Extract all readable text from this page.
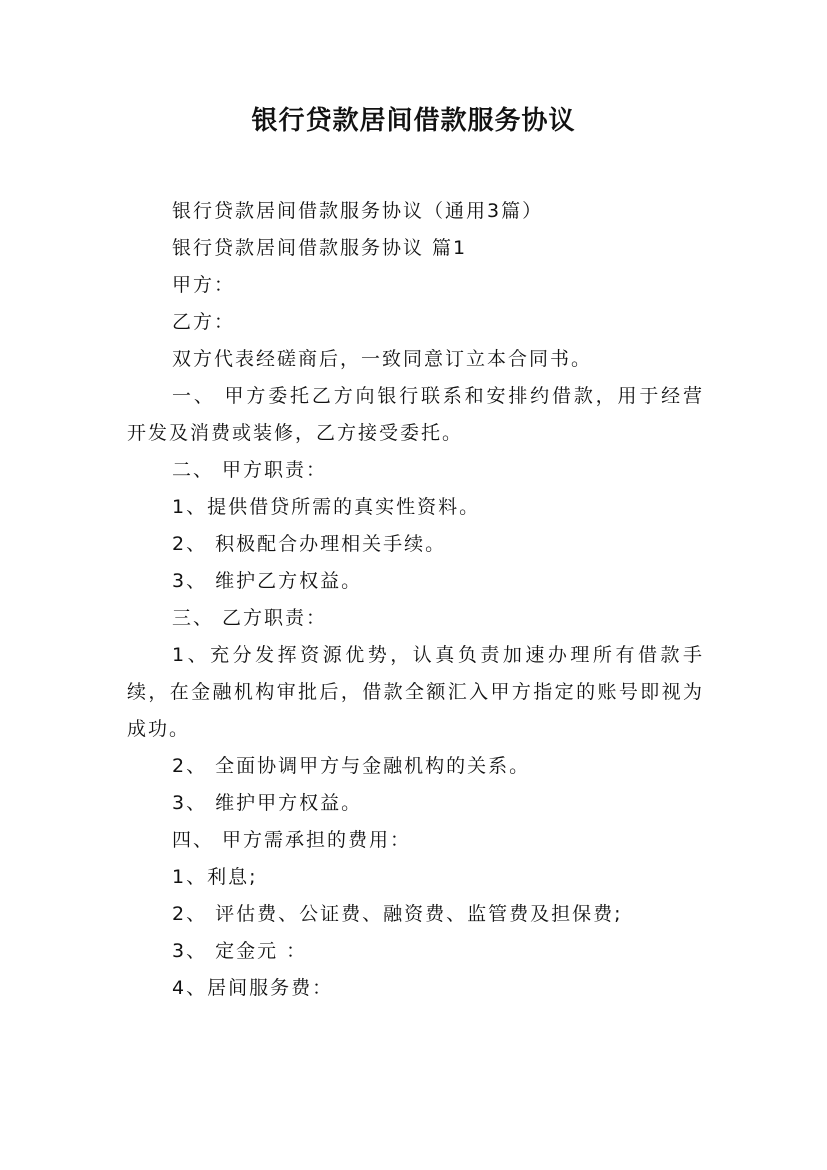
银行贷款居间借款服务协议

银行贷款居间借款服务协议（通用3篇）

银行贷款居间借款服务协议 篇1

甲方：

乙方：

双方代表经磋商后，一致同意订立本合同书。

一、 甲方委托乙方向银行联系和安排约借款，用于经营开发及消费或装修，乙方接受委托。

二、 甲方职责：

1、提供借贷所需的真实性资料。

2、 积极配合办理相关手续。

3、 维护乙方权益。

三、 乙方职责：

1、充分发挥资源优势，认真负责加速办理所有借款手续，在金融机构审批后，借款全额汇入甲方指定的账号即视为成功。

2、 全面协调甲方与金融机构的关系。

3、 维护甲方权益。

四、 甲方需承担的费用：

1、利息;

2、 评估费、公证费、融资费、监管费及担保费;

3、 定金元 ：

4、居间服务费：
